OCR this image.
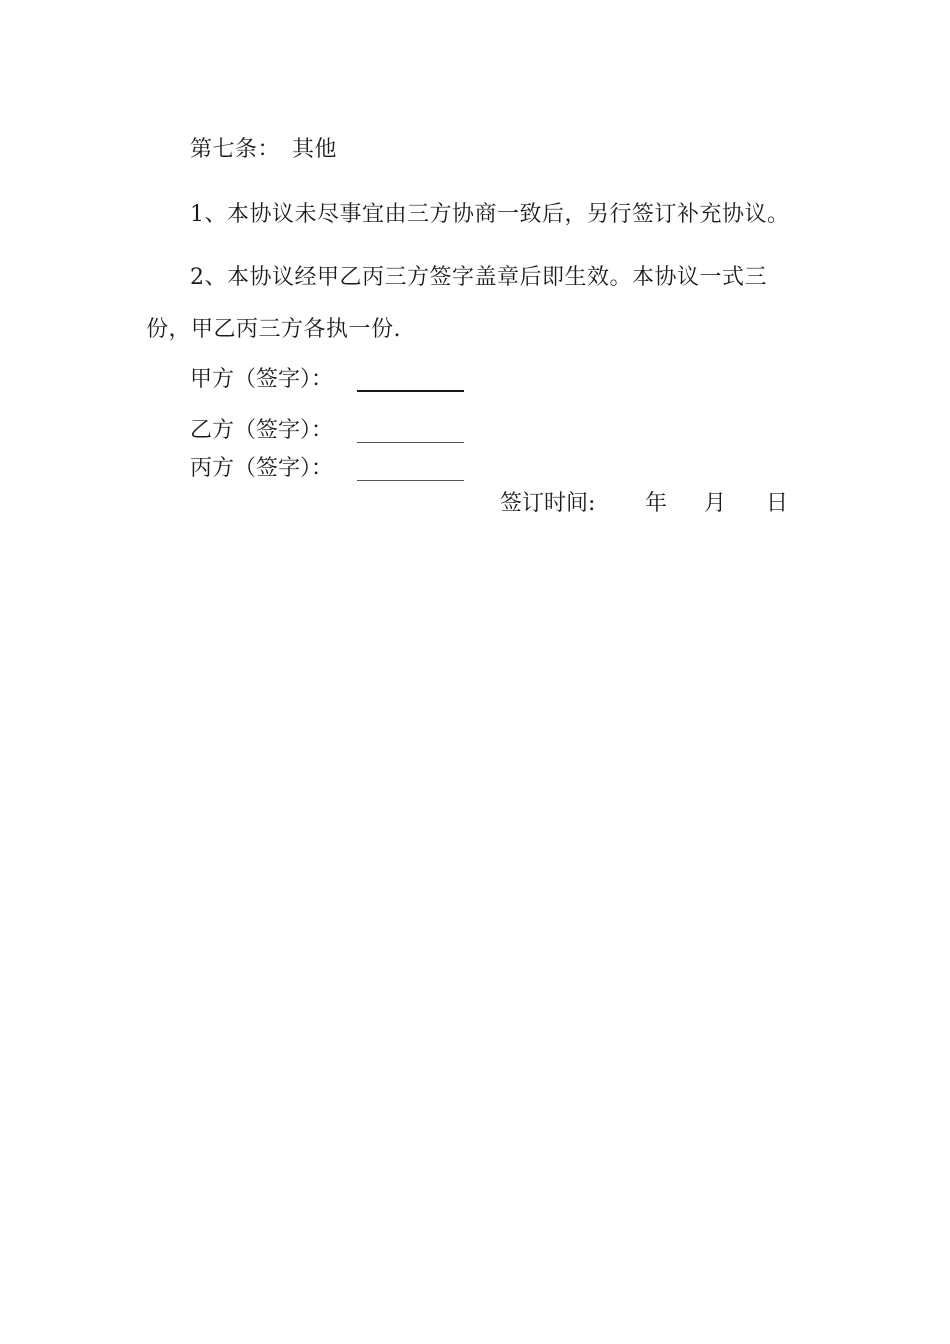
第七条： 其他
1、本协议未尽事宜由三方协商一致后，另行签订补充协议。
2、本协议经甲乙丙三方签字盖章后即生效。本协议一式三
份，甲乙丙三方各执一份.
甲方（签字）：
乙方（签字）：
丙方（签字）：
签订时间: 年 月 日
